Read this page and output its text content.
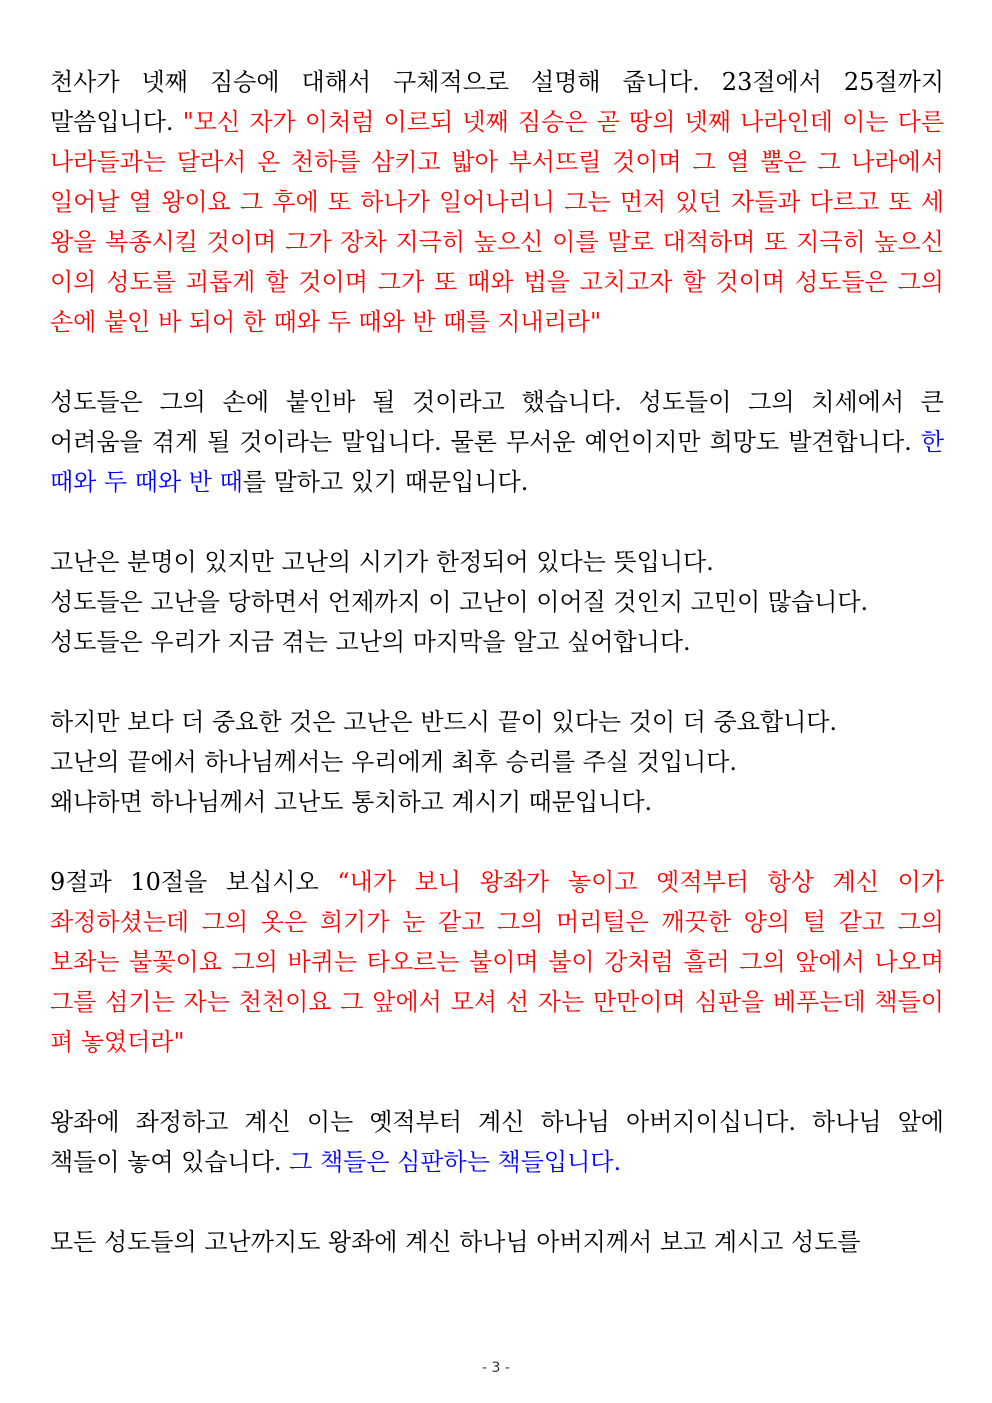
천사가 넷째 짐승에 대해서 구체적으로 설명해 줍니다. 23절에서 25절까지 말씀입니다. "모신 자가 이처럼 이르되 넷째 짐승은 곧 땅의 넷째 나라인데 이는 다른 나라들과는 달라서 온 천하를 삼키고 밟아 부서뜨릴 것이며 그 열 뿔은 그 나라에서 일어날 열 왕이요 그 후에 또 하나가 일어나리니 그는 먼저 있던 자들과 다르고 또 세 왕을 복종시킬 것이며 그가 장차 지극히 높으신 이를 말로 대적하며 또 지극히 높으신 이의 성도를 괴롭게 할 것이며 그가 또 때와 법을 고치고자 할 것이며 성도들은 그의 손에 붙인 바 되어 한 때와 두 때와 반 때를 지내리라"

성도들은 그의 손에 붙인바 될 것이라고 했습니다. 성도들이 그의 치세에서 큰 어려움을 겪게 될 것이라는 말입니다. 물론 무서운 예언이지만 희망도 발견합니다. 한 때와 두 때와 반 때를 말하고 있기 때문입니다.

고난은 분명이 있지만 고난의 시기가 한정되어 있다는 뜻입니다.
성도들은 고난을 당하면서 언제까지 이 고난이 이어질 것인지 고민이 많습니다.
성도들은 우리가 지금 겪는 고난의 마지막을 알고 싶어합니다.

하지만 보다 더 중요한 것은 고난은 반드시 끝이 있다는 것이 더 중요합니다.
고난의 끝에서 하나님께서는 우리에게 최후 승리를 주실 것입니다.
왜냐하면 하나님께서 고난도 통치하고 계시기 때문입니다.

9절과 10절을 보십시오 “내가 보니 왕좌가 놓이고 옛적부터 항상 계신 이가 좌정하셨는데 그의 옷은 희기가 눈 같고 그의 머리털은 깨끗한 양의 털 같고 그의 보좌는 불꽃이요 그의 바퀴는 타오르는 불이며 불이 강처럼 흘러 그의 앞에서 나오며 그를 섬기는 자는 천천이요 그 앞에서 모셔 선 자는 만만이며 심판을 베푸는데 책들이 펴 놓였더라"

왕좌에 좌정하고 계신 이는 옛적부터 계신 하나님 아버지이십니다. 하나님 앞에 책들이 놓여 있습니다. 그 책들은 심판하는 책들입니다.

모든 성도들의 고난까지도 왕좌에 계신 하나님 아버지께서 보고 계시고 성도를

- 3 -
